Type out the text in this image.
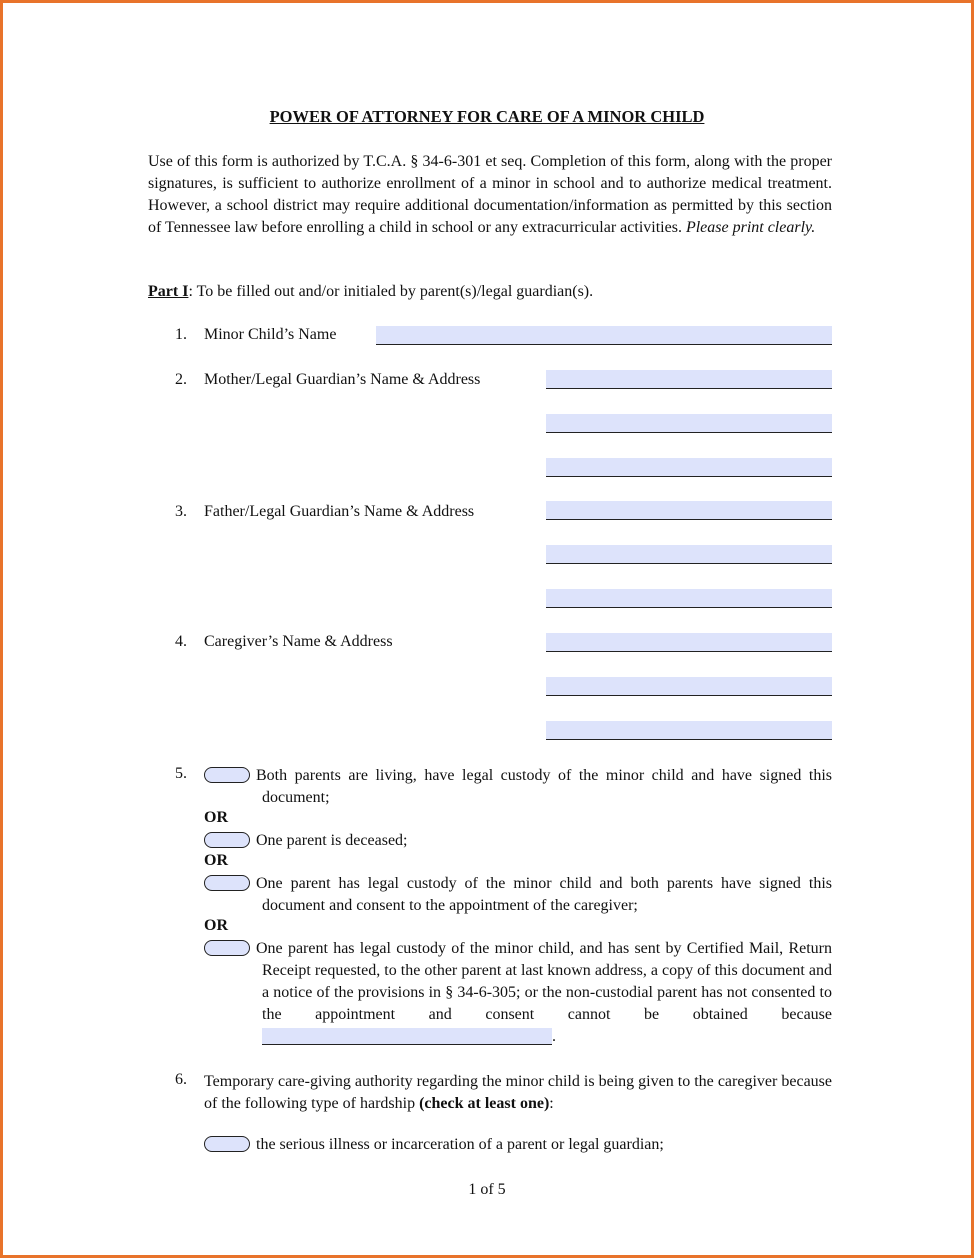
POWER OF ATTORNEY FOR CARE OF A MINOR CHILD
Use of this form is authorized by T.C.A. § 34-6-301 et seq. Completion of this form, along with the proper signatures, is sufficient to authorize enrollment of a minor in school and to authorize medical treatment. However, a school district may require additional documentation/information as permitted by this section of Tennessee law before enrolling a child in school or any extracurricular activities. Please print clearly.
Part I: To be filled out and/or initialed by parent(s)/legal guardian(s).
1. Minor Child’s Name
2. Mother/Legal Guardian’s Name & Address
3. Father/Legal Guardian’s Name & Address
4. Caregiver’s Name & Address
5.	Both parents are living, have legal custody of the minor child and have signed this document;
OR
One parent is deceased;
OR
One parent has legal custody of the minor child and both parents have signed this document and consent to the appointment of the caregiver;
OR
One parent has legal custody of the minor child, and has sent by Certified Mail, Return Receipt requested, to the other parent at last known address, a copy of this document and a notice of the provisions in § 34-6-305; or the non-custodial parent has not consented to the appointment and consent cannot be obtained because .
6. Temporary care-giving authority regarding the minor child is being given to the caregiver because of the following type of hardship (check at least one):
the serious illness or incarceration of a parent or legal guardian;
1 of 5
